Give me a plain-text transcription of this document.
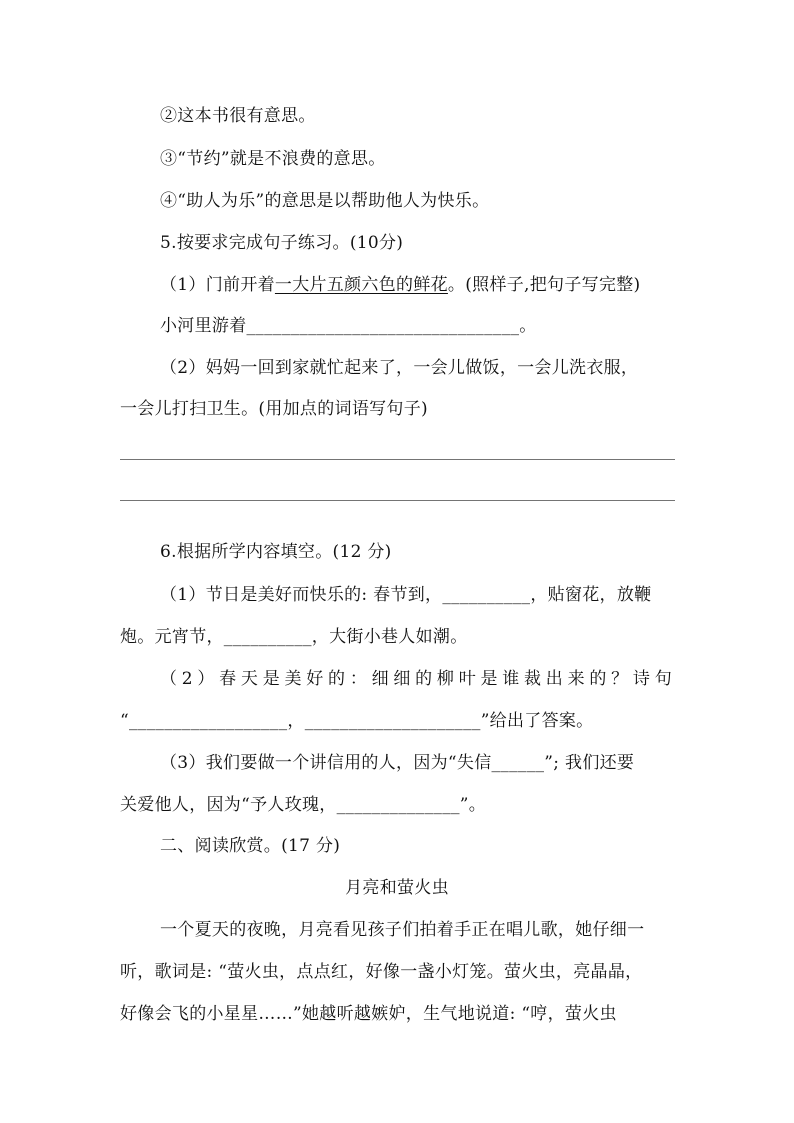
②这本书很有意思。

③“节约”就是不浪费的意思。

④“助人为乐”的意思是以帮助他人为快乐。

5.按要求完成句子练习。(10分)

（1）门前开着一大片五颜六色的鲜花。(照样子,把句子写完整)

小河里游着_______________________________。

（2）妈妈一回到家就忙起来了，一会儿做饭，一会儿洗衣服，

一会儿打扫卫生。(用加点的词语写句子)

__________________________________________________________________________

__________________________________________________________________________

6.根据所学内容填空。(12 分)

（1）节日是美好而快乐的: 春节到，__________，贴窗花，放鞭

炮。元宵节，__________，大街小巷人如潮。

（2）春天是美好的：细细的柳叶是谁裁出来的？诗句

“__________________，____________________”给出了答案。

（3）我们要做一个讲信用的人，因为“失信______”; 我们还要

关爱他人，因为“予人玫瑰，______________”。

二、阅读欣赏。(17 分)

月亮和萤火虫

一个夏天的夜晚，月亮看见孩子们拍着手正在唱儿歌，她仔细一

听，歌词是: “萤火虫，点点红，好像一盏小灯笼。萤火虫，亮晶晶，

好像会飞的小星星……”她越听越嫉妒，生气地说道: “哼，萤火虫
